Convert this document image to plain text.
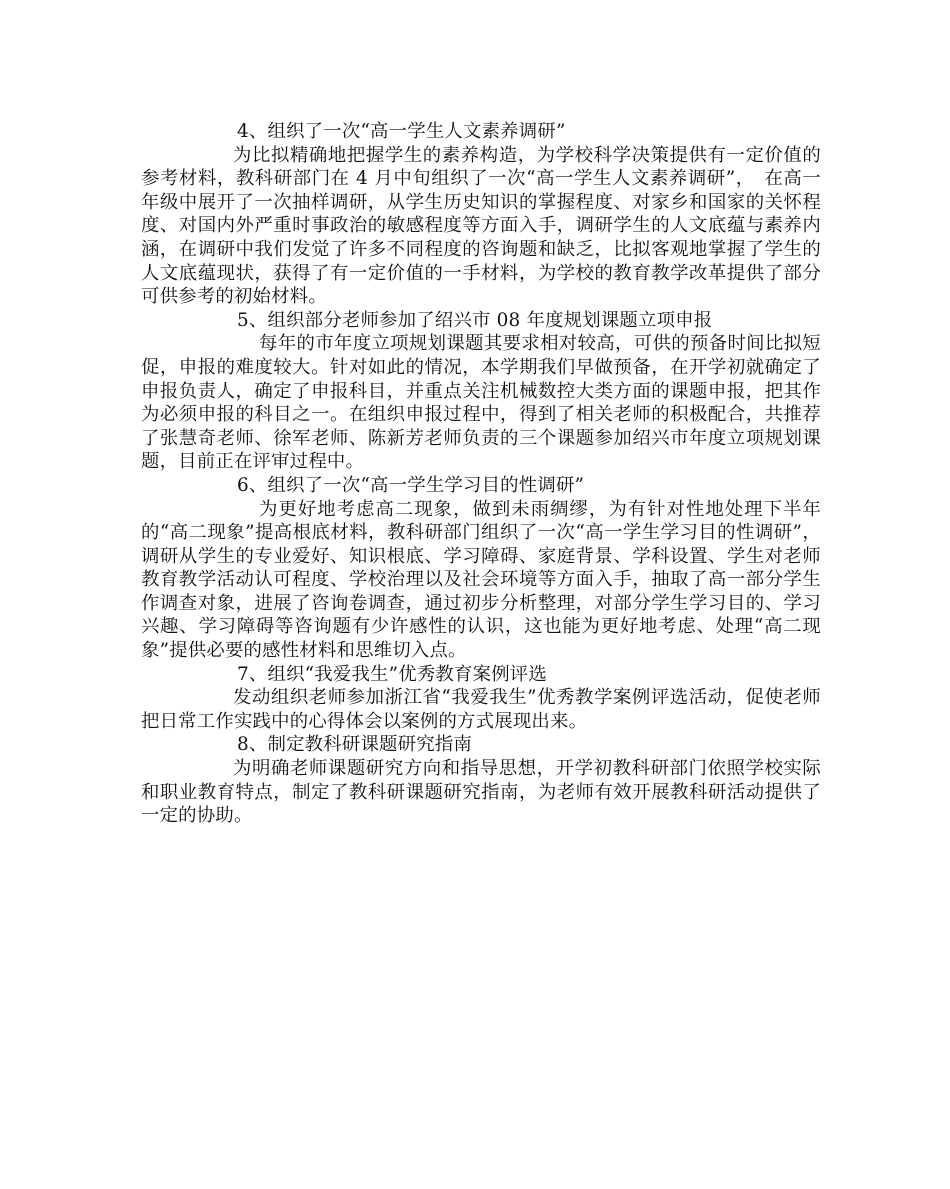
4、组织了一次“高一学生人文素养调研”

为比拟精确地把握学生的素养构造，为学校科学决策提供有一定价值的参考材料，教科研部门在 4 月中旬组织了一次“高一学生人文素养调研”，　在高一年级中展开了一次抽样调研，从学生历史知识的掌握程度、对家乡和国家的关怀程度、对国内外严重时事政治的敏感程度等方面入手，调研学生的人文底蕴与素养内涵，在调研中我们发觉了许多不同程度的咨询题和缺乏，比拟客观地掌握了学生的人文底蕴现状，获得了有一定价值的一手材料，为学校的教育教学改革提供了部分可供参考的初始材料。

5、组织部分老师参加了绍兴市 08 年度规划课题立项申报

每年的市年度立项规划课题其要求相对较高，可供的预备时间比拟短促，申报的难度较大。针对如此的情况，本学期我们早做预备，在开学初就确定了申报负责人，确定了申报科目，并重点关注机械数控大类方面的课题申报，把其作为必须申报的科目之一。在组织申报过程中，得到了相关老师的积极配合，共推荐了张慧奇老师、徐军老师、陈新芳老师负责的三个课题参加绍兴市年度立项规划课题，目前正在评审过程中。

6、组织了一次“高一学生学习目的性调研”

为更好地考虑高二现象，做到未雨绸缪，为有针对性地处理下半年的“高二现象”提高根底材料，教科研部门组织了一次“高一学生学习目的性调研”，调研从学生的专业爱好、知识根底、学习障碍、家庭背景、学科设置、学生对老师教育教学活动认可程度、学校治理以及社会环境等方面入手，抽取了高一部分学生作调查对象，进展了咨询卷调查，通过初步分析整理，对部分学生学习目的、学习兴趣、学习障碍等咨询题有少许感性的认识，这也能为更好地考虑、处理“高二现象”提供必要的感性材料和思维切入点。

7、组织“我爱我生”优秀教育案例评选

发动组织老师参加浙江省“我爱我生”优秀教学案例评选活动，促使老师把日常工作实践中的心得体会以案例的方式展现出来。

8、制定教科研课题研究指南

为明确老师课题研究方向和指导思想，开学初教科研部门依照学校实际和职业教育特点，制定了教科研课题研究指南，为老师有效开展教科研活动提供了一定的协助。
